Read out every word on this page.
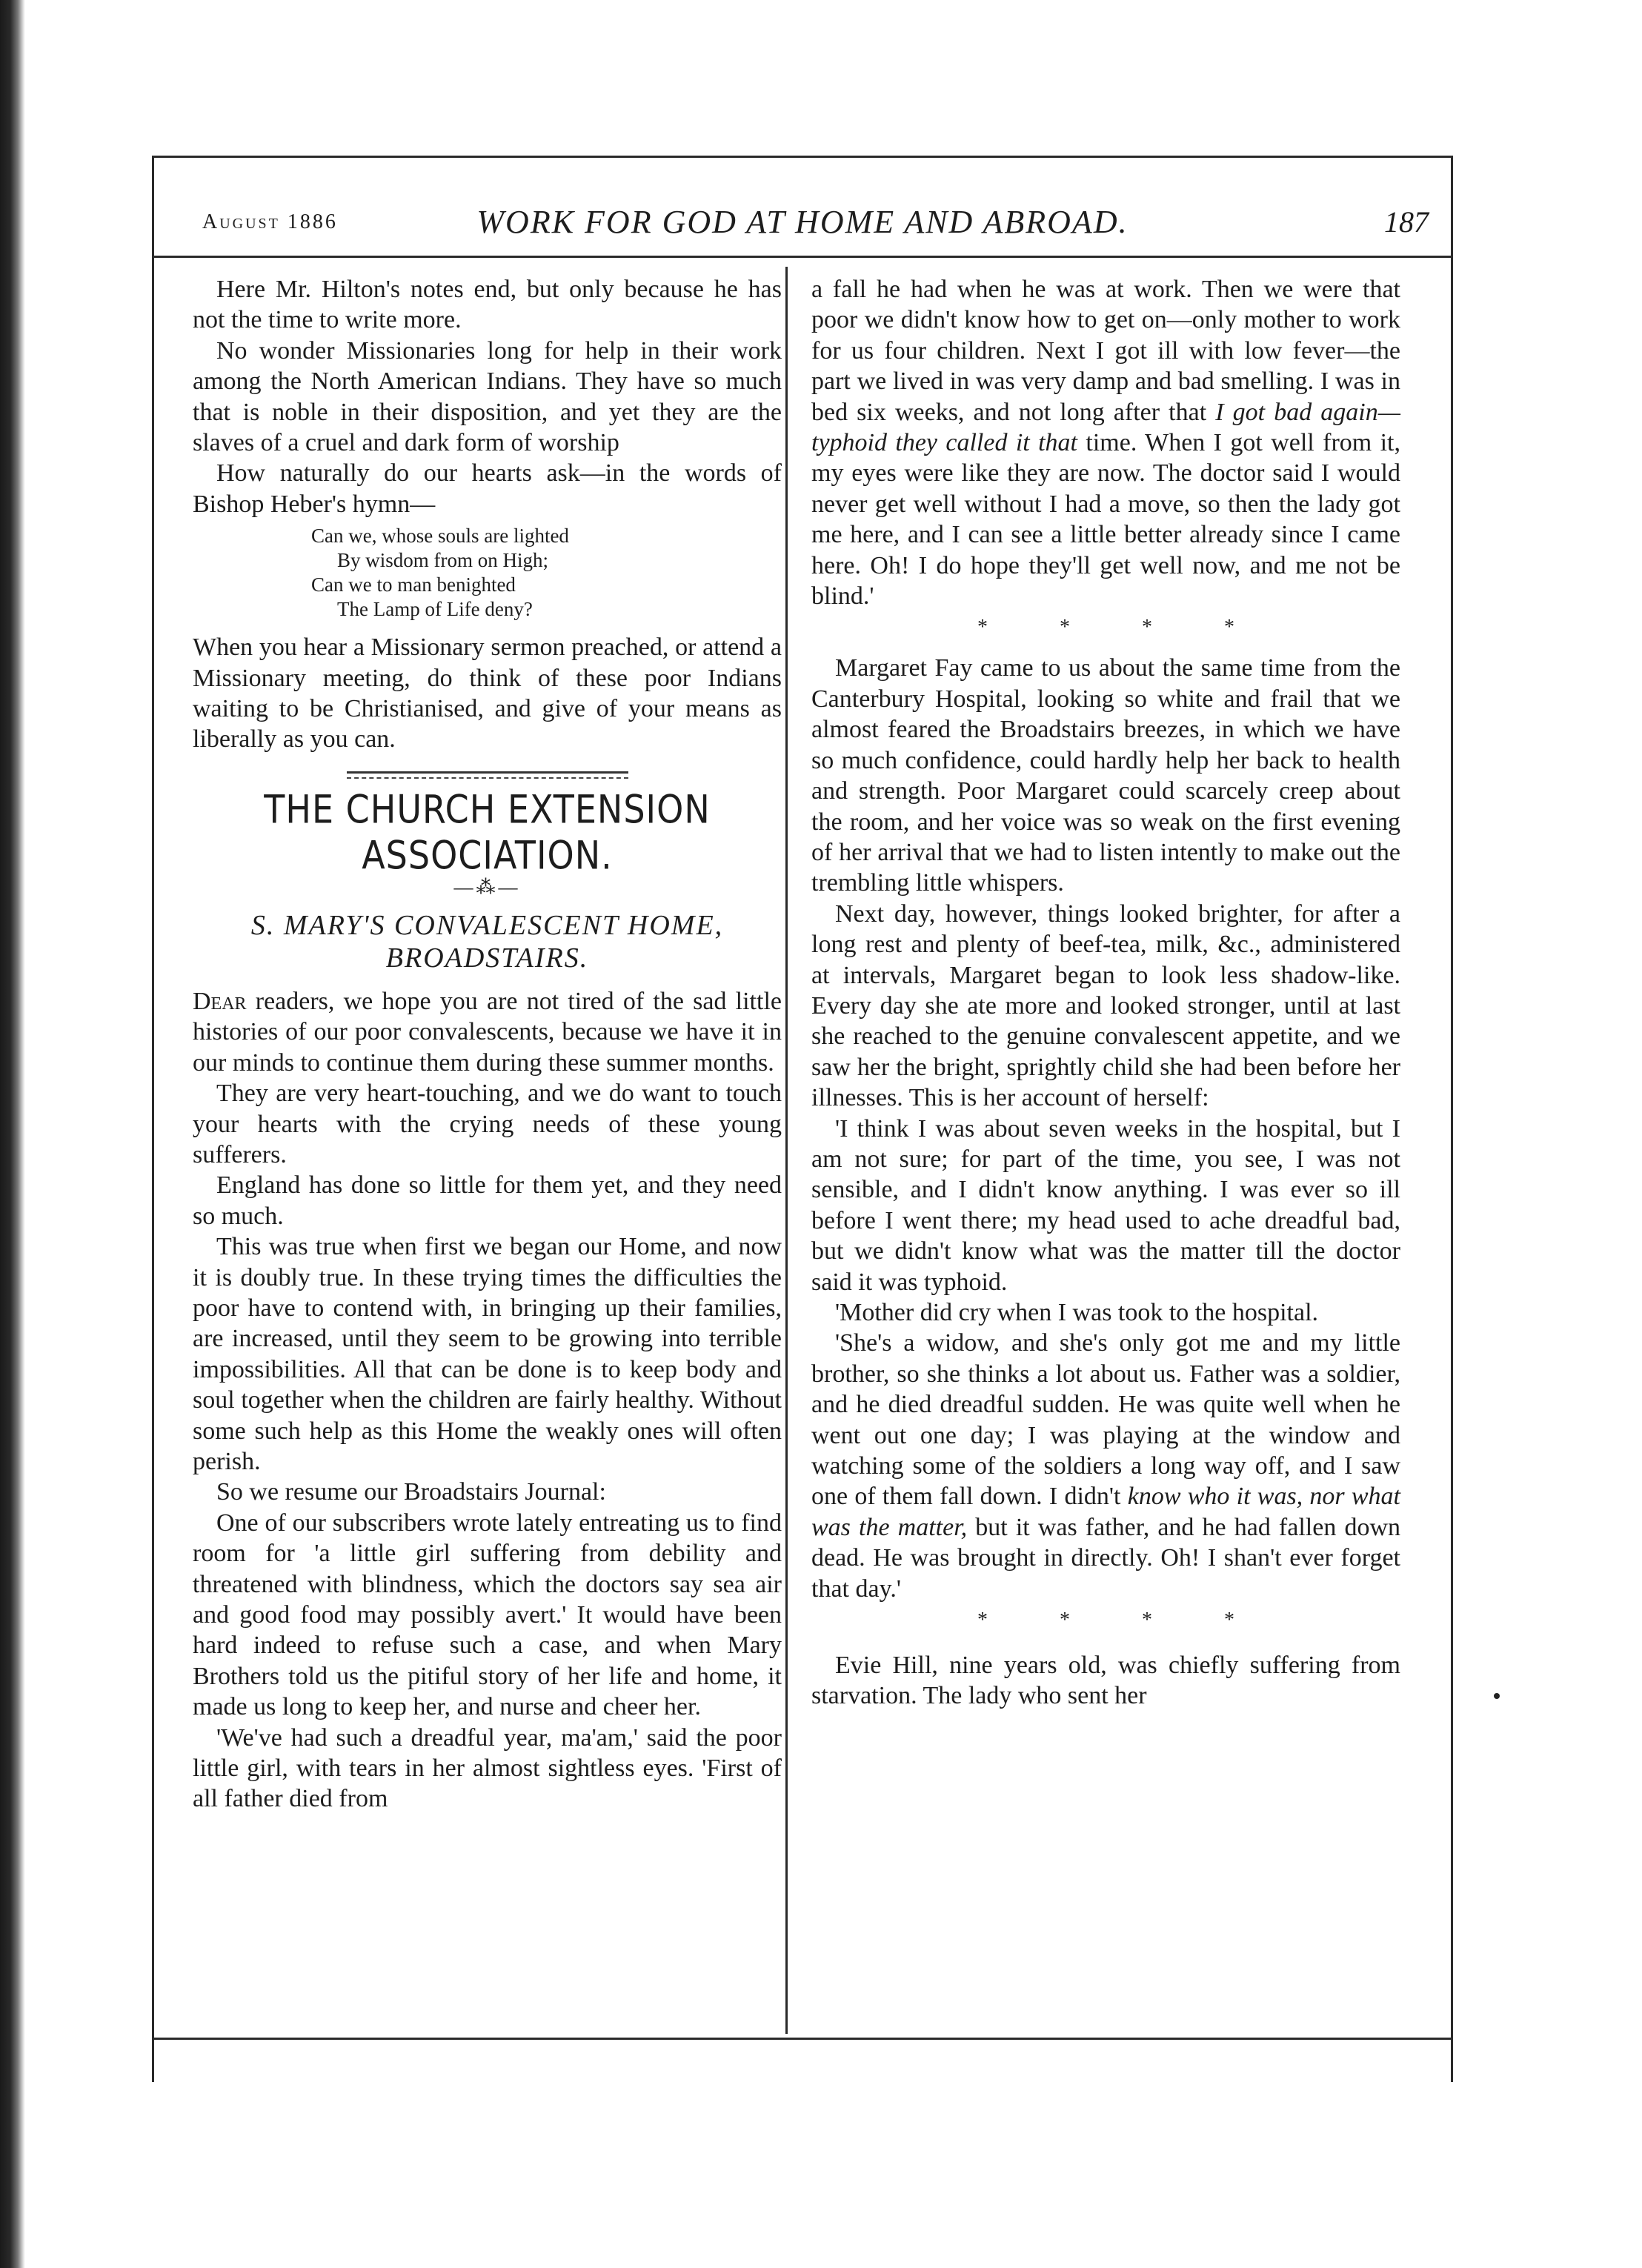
August 1886	WORK FOR GOD AT HOME AND ABROAD.	187

Here Mr. Hilton's notes end, but only because he has not the time to write more.

No wonder Missionaries long for help in their work among the North American Indians. They have so much that is noble in their disposition, and yet they are the slaves of a cruel and dark form of worship

How naturally do our hearts ask—in the words of Bishop Heber's hymn—

Can we, whose souls are lighted
By wisdom from on High;
Can we to man benighted
The Lamp of Life deny?

When you hear a Missionary sermon preached, or attend a Missionary meeting, do think of these poor Indians waiting to be Christianised, and give of your means as liberally as you can.

THE CHURCH EXTENSION ASSOCIATION.
—⁂—
S. MARY'S CONVALESCENT HOME,
BROADSTAIRS.

Dear readers, we hope you are not tired of the sad little histories of our poor convalescents, because we have it in our minds to continue them during these summer months.

They are very heart-touching, and we do want to touch your hearts with the crying needs of these young sufferers.

England has done so little for them yet, and they need so much.

This was true when first we began our Home, and now it is doubly true. In these trying times the difficulties the poor have to contend with, in bringing up their families, are increased, until they seem to be growing into terrible impossibilities. All that can be done is to keep body and soul together when the children are fairly healthy. Without some such help as this Home the weakly ones will often perish.

So we resume our Broadstairs Journal:

One of our subscribers wrote lately entreating us to find room for 'a little girl suffering from debility and threatened with blindness, which the doctors say sea air and good food may possibly avert.' It would have been hard indeed to refuse such a case, and when Mary Brothers told us the pitiful story of her life and home, it made us long to keep her, and nurse and cheer her.

'We've had such a dreadful year, ma'am,' said the poor little girl, with tears in her almost sightless eyes. 'First of all father died from

a fall he had when he was at work. Then we were that poor we didn't know how to get on—only mother to work for us four children. Next I got ill with low fever—the part we lived in was very damp and bad smelling. I was in bed six weeks, and not long after that I got bad again—typhoid they called it that time. When I got well from it, my eyes were like they are now. The doctor said I would never get well without I had a move, so then the lady got me here, and I can see a little better already since I came here. Oh! I do hope they'll get well now, and me not be blind.'

* * * *

Margaret Fay came to us about the same time from the Canterbury Hospital, looking so white and frail that we almost feared the Broadstairs breezes, in which we have so much confidence, could hardly help her back to health and strength. Poor Margaret could scarcely creep about the room, and her voice was so weak on the first evening of her arrival that we had to listen intently to make out the trembling little whispers.

Next day, however, things looked brighter, for after a long rest and plenty of beef-tea, milk, &c., administered at intervals, Margaret began to look less shadow-like. Every day she ate more and looked stronger, until at last she reached to the genuine convalescent appetite, and we saw her the bright, sprightly child she had been before her illnesses. This is her account of herself:

'I think I was about seven weeks in the hospital, but I am not sure; for part of the time, you see, I was not sensible, and I didn't know anything. I was ever so ill before I went there; my head used to ache dreadful bad, but we didn't know what was the matter till the doctor said it was typhoid.

'Mother did cry when I was took to the hospital.

'She's a widow, and she's only got me and my little brother, so she thinks a lot about us. Father was a soldier, and he died dreadful sudden. He was quite well when he went out one day; I was playing at the window and watching some of the soldiers a long way off, and I saw one of them fall down. I didn't know who it was, nor what was the matter, but it was father, and he had fallen down dead. He was brought in directly. Oh! I shan't ever forget that day.'

* * * *

Evie Hill, nine years old, was chiefly suffering from starvation. The lady who sent her
